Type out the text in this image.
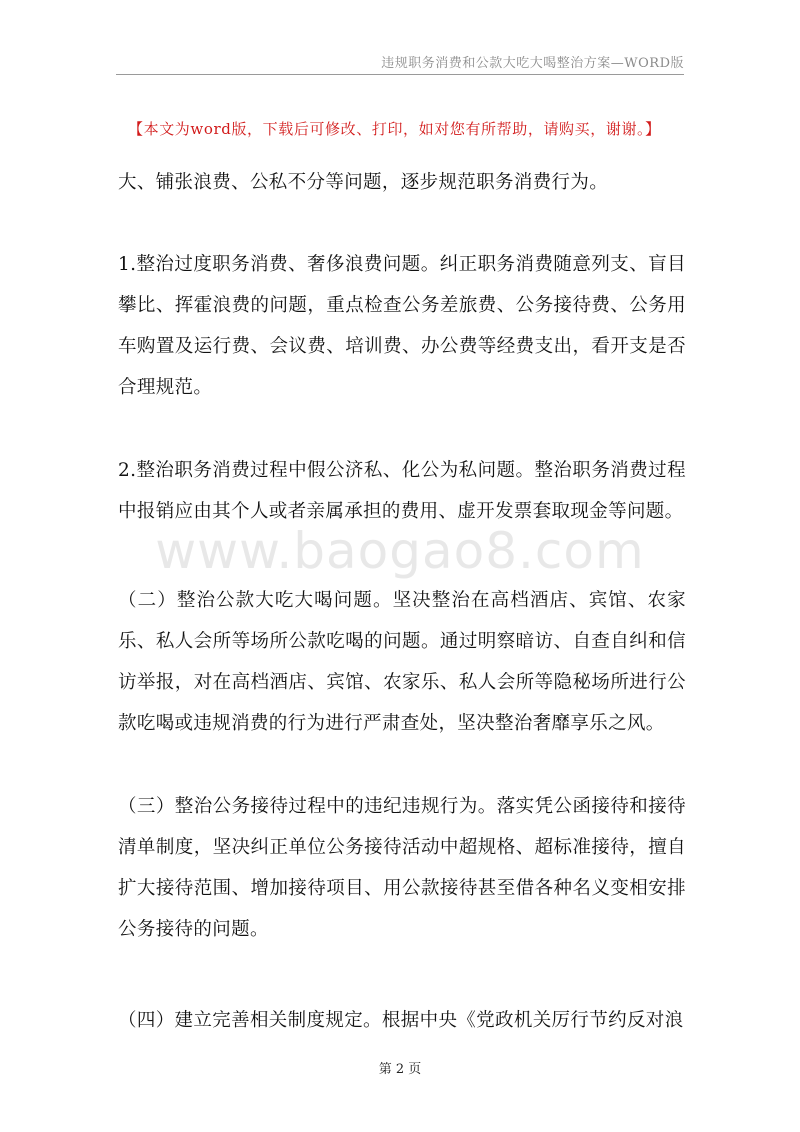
违规职务消费和公款大吃大喝整治方案—WORD版
【本文为word版，下载后可修改、打印，如对您有所帮助，请购买，谢谢。】
www.baogao8.com

大、铺张浪费、公私不分等问题，逐步规范职务消费行为。

1.整治过度职务消费、奢侈浪费问题。纠正职务消费随意列支、盲目攀比、挥霍浪费的问题，重点检查公务差旅费、公务接待费、公务用车购置及运行费、会议费、培训费、办公费等经费支出，看开支是否合理规范。

2.整治职务消费过程中假公济私、化公为私问题。整治职务消费过程中报销应由其个人或者亲属承担的费用、虚开发票套取现金等问题。

（二）整治公款大吃大喝问题。坚决整治在高档酒店、宾馆、农家乐、私人会所等场所公款吃喝的问题。通过明察暗访、自查自纠和信访举报，对在高档酒店、宾馆、农家乐、私人会所等隐秘场所进行公款吃喝或违规消费的行为进行严肃查处，坚决整治奢靡享乐之风。

（三）整治公务接待过程中的违纪违规行为。落实凭公函接待和接待清单制度，坚决纠正单位公务接待活动中超规格、超标准接待，擅自扩大接待范围、增加接待项目、用公款接待甚至借各种名义变相安排公务接待的问题。

（四）建立完善相关制度规定。根据中央《党政机关厉行节约反对浪

第 2 页
